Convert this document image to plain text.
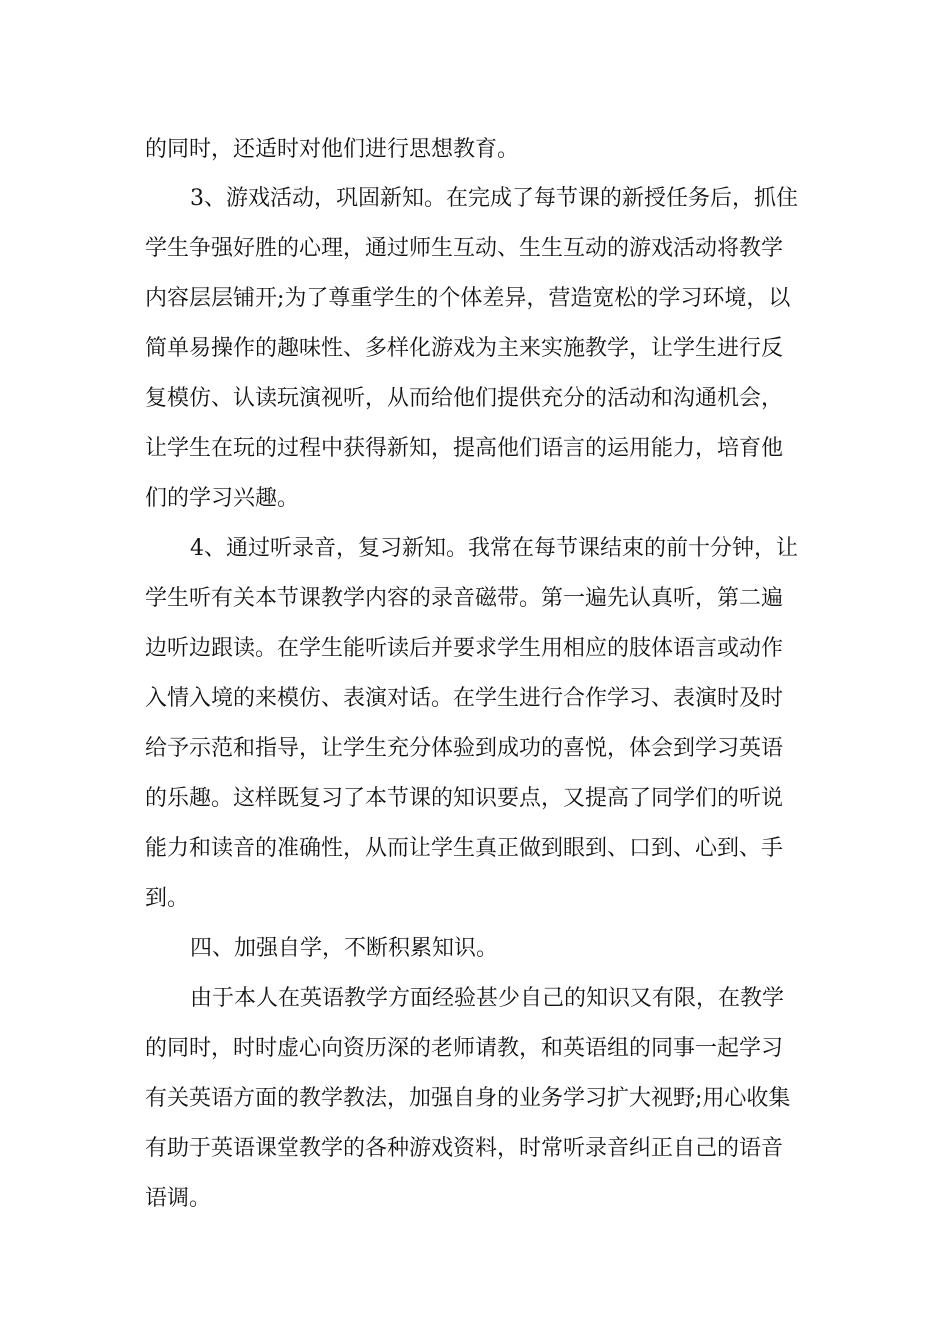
的同时，还适时对他们进行思想教育。

3、游戏活动，巩固新知。在完成了每节课的新授任务后，抓住

学生争强好胜的心理，通过师生互动、生生互动的游戏活动将教学

内容层层铺开;为了尊重学生的个体差异，营造宽松的学习环境，以

简单易操作的趣味性、多样化游戏为主来实施教学，让学生进行反

复模仿、认读玩演视听，从而给他们提供充分的活动和沟通机会，

让学生在玩的过程中获得新知，提高他们语言的运用能力，培育他

们的学习兴趣。

4、通过听录音，复习新知。我常在每节课结束的前十分钟，让

学生听有关本节课教学内容的录音磁带。第一遍先认真听，第二遍

边听边跟读。在学生能听读后并要求学生用相应的肢体语言或动作

入情入境的来模仿、表演对话。在学生进行合作学习、表演时及时

给予示范和指导，让学生充分体验到成功的喜悦，体会到学习英语

的乐趣。这样既复习了本节课的知识要点，又提高了同学们的听说

能力和读音的准确性，从而让学生真正做到眼到、口到、心到、手

到。

四、加强自学，不断积累知识。

由于本人在英语教学方面经验甚少自己的知识又有限，在教学

的同时，时时虚心向资历深的老师请教，和英语组的同事一起学习

有关英语方面的教学教法，加强自身的业务学习扩大视野;用心收集

有助于英语课堂教学的各种游戏资料，时常听录音纠正自己的语音

语调。
